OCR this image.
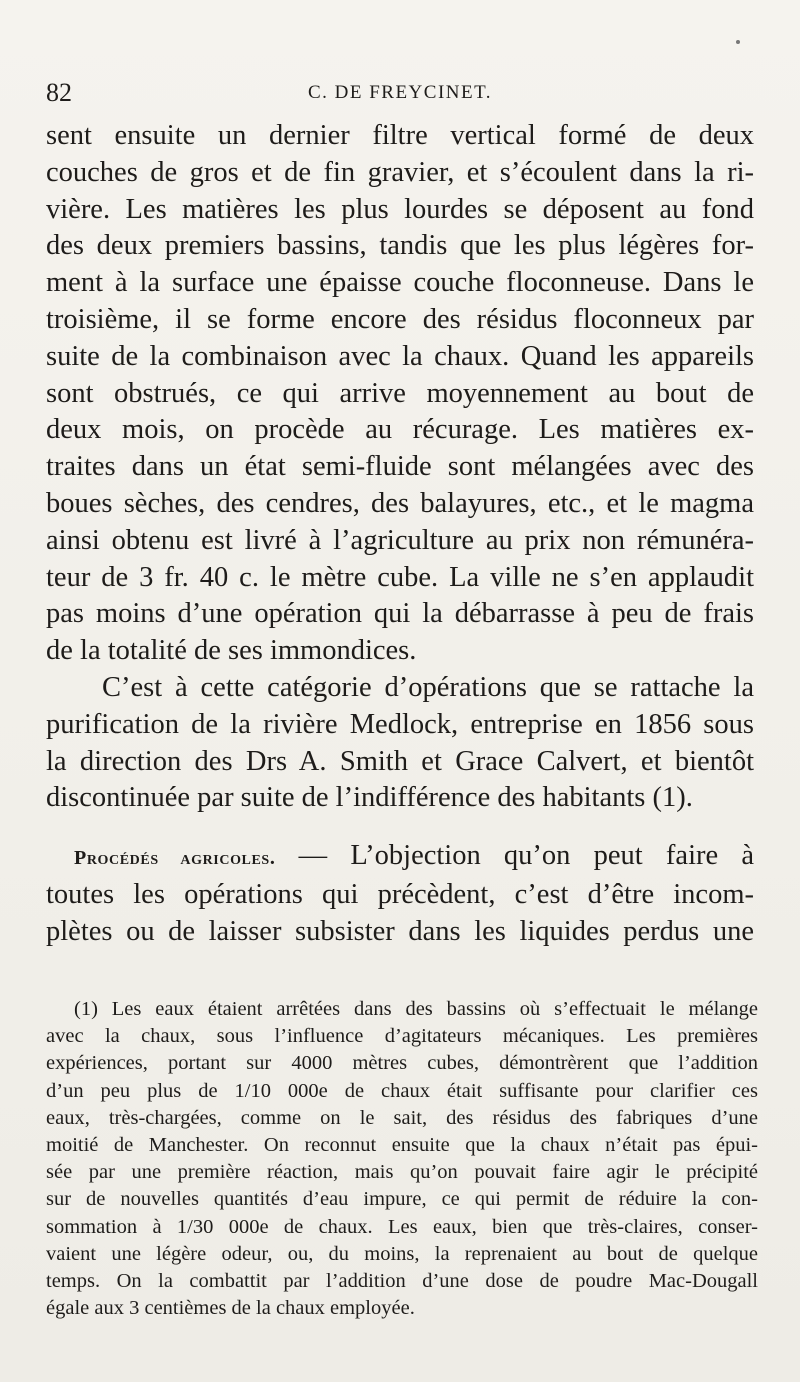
82	C. DE FREYCINET.

sent ensuite un dernier filtre vertical formé de deux
couches de gros et de fin gravier, et s’écoulent dans la ri-
vière. Les matières les plus lourdes se déposent au fond
des deux premiers bassins, tandis que les plus légères for-
ment à la surface une épaisse couche floconneuse. Dans le
troisième, il se forme encore des résidus floconneux par
suite de la combinaison avec la chaux. Quand les appareils
sont obstrués, ce qui arrive moyennement au bout de
deux mois, on procède au récurage. Les matières ex-
traites dans un état semi-fluide sont mélangées avec des
boues sèches, des cendres, des balayures, etc., et le magma
ainsi obtenu est livré à l’agriculture au prix non rémunéra-
teur de 3 fr. 40 c. le mètre cube. La ville ne s’en applaudit
pas moins d’une opération qui la débarrasse à peu de frais
de la totalité de ses immondices.

C’est à cette catégorie d’opérations que se rattache la
purification de la rivière Medlock, entreprise en 1856 sous
la direction des Drs A. Smith et Grace Calvert, et bientôt
discontinuée par suite de l’indifférence des habitants (1).

Procédés agricoles. — L’objection qu’on peut faire à
toutes les opérations qui précèdent, c’est d’être incom-
plètes ou de laisser subsister dans les liquides perdus une
(1) Les eaux étaient arrêtées dans des bassins où s’effectuait le mélange
avec la chaux, sous l’influence d’agitateurs mécaniques. Les premières
expériences, portant sur 4000 mètres cubes, démontrèrent que l’addition
d’un peu plus de 1/10 000e de chaux était suffisante pour clarifier ces
eaux, très-chargées, comme on le sait, des résidus des fabriques d’une
moitié de Manchester. On reconnut ensuite que la chaux n’était pas épui-
sée par une première réaction, mais qu’on pouvait faire agir le précipité
sur de nouvelles quantités d’eau impure, ce qui permit de réduire la con-
sommation à 1/30 000e de chaux. Les eaux, bien que très-claires, conser-
vaient une légère odeur, ou, du moins, la reprenaient au bout de quelque
temps. On la combattit par l’addition d’une dose de poudre Mac-Dougall
égale aux 3 centièmes de la chaux employée.
